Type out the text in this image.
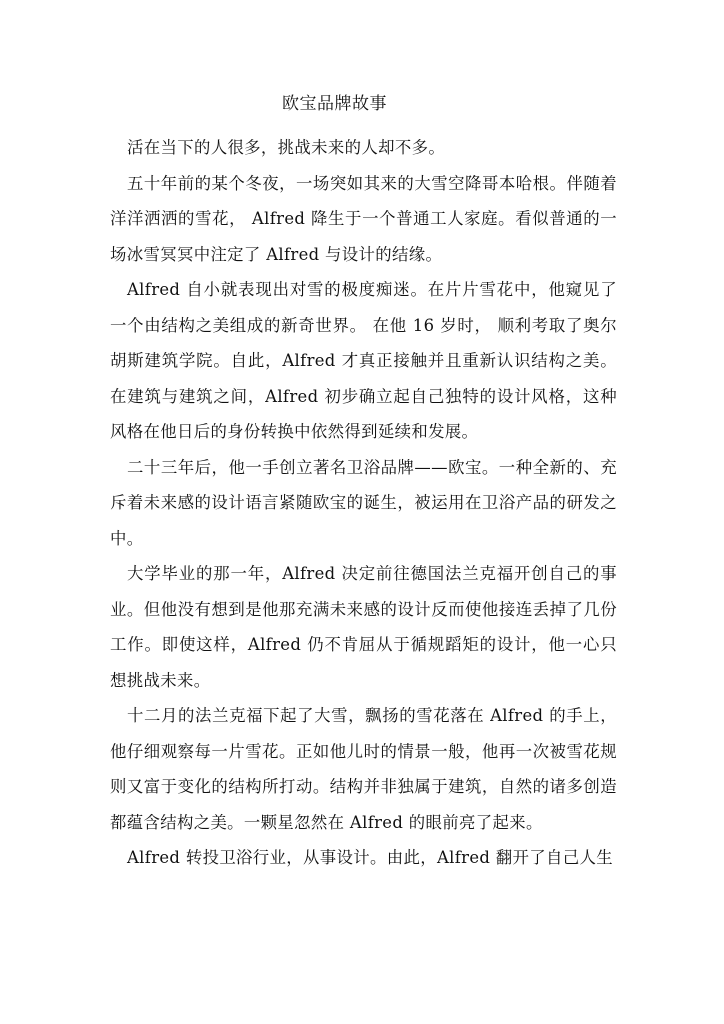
欧宝品牌故事

活在当下的人很多，挑战未来的人却不多。

五十年前的某个冬夜，一场突如其来的大雪空降哥本哈根。伴随着洋洋洒洒的雪花， Alfred 降生于一个普通工人家庭。看似普通的一场冰雪冥冥中注定了 Alfred 与设计的结缘。

Alfred 自小就表现出对雪的极度痴迷。在片片雪花中，他窥见了一个由结构之美组成的新奇世界。 在他 16 岁时， 顺利考取了奥尔胡斯建筑学院。自此，Alfred 才真正接触并且重新认识结构之美。在建筑与建筑之间，Alfred 初步确立起自己独特的设计风格，这种风格在他日后的身份转换中依然得到延续和发展。

二十三年后，他一手创立著名卫浴品牌——欧宝。一种全新的、充斥着未来感的设计语言紧随欧宝的诞生，被运用在卫浴产品的研发之中。

大学毕业的那一年，Alfred 决定前往德国法兰克福开创自己的事业。但他没有想到是他那充满未来感的设计反而使他接连丢掉了几份工作。即使这样，Alfred 仍不肯屈从于循规蹈矩的设计，他一心只想挑战未来。

十二月的法兰克福下起了大雪，飘扬的雪花落在 Alfred 的手上，他仔细观察每一片雪花。正如他儿时的情景一般，他再一次被雪花规则又富于变化的结构所打动。结构并非独属于建筑，自然的诸多创造都蕴含结构之美。一颗星忽然在 Alfred 的眼前亮了起来。

Alfred 转投卫浴行业，从事设计。由此，Alfred 翻开了自己人生
